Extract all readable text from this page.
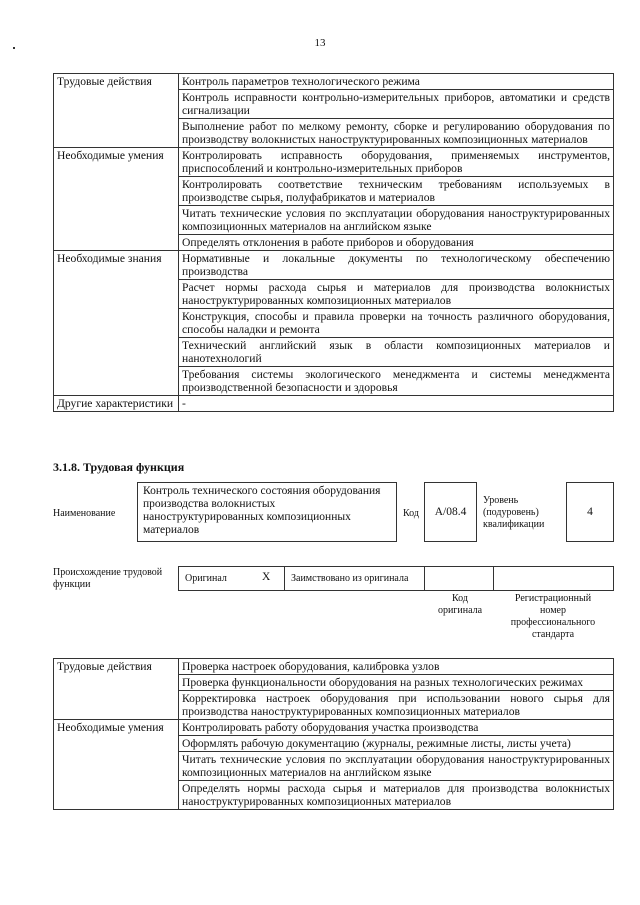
13
Трудовые действия	Контроль параметров технологического режима
	Контроль исправности контрольно-измерительных приборов, автоматики и средств сигнализации
	Выполнение работ по мелкому ремонту, сборке и регулированию оборудования по производству волокнистых наноструктурированных композиционных материалов
Необходимые умения	Контролировать исправность оборудования, применяемых инструментов, приспособлений и контрольно-измерительных приборов
	Контролировать соответствие техническим требованиям используемых в производстве сырья, полуфабрикатов и материалов
	Читать технические условия по эксплуатации оборудования наноструктурированных композиционных материалов на английском языке
	Определять отклонения в работе приборов и оборудования
Необходимые знания	Нормативные и локальные документы по технологическому обеспечению производства
	Расчет нормы расхода сырья и материалов для производства волокнистых наноструктурированных композиционных материалов
	Конструкция, способы и правила проверки на точность различного оборудования, способы наладки и ремонта
	Технический английский язык в области композиционных материалов и нанотехнологий
	Требования системы экологического менеджмента и системы менеджмента производственной безопасности и здоровья
Другие характеристики	-
3.1.8. Трудовая функция
Наименование
Контроль технического состояния оборудования производства волокнистых наноструктурированных композиционных материалов
Код A/08.4
Уровень (подуровень) квалификации
4
Происхождение трудовой функции
Оригинал	X Заимствовано из оригинала
Код оригинала
Регистрационный номер профессионального стандарта
Трудовые действия	Проверка настроек оборудования, калибровка узлов
	Проверка функциональности оборудования на разных технологических режимах
	Корректировка настроек оборудования при использовании нового сырья для производства наноструктурированных композиционных материалов
Необходимые умения	Контролировать работу оборудования участка производства
	Оформлять рабочую документацию (журналы, режимные листы, листы учета)
	Читать технические условия по эксплуатации оборудования наноструктурированных композиционных материалов на английском языке
	Определять нормы расхода сырья и материалов для производства волокнистых наноструктурированных композиционных материалов
